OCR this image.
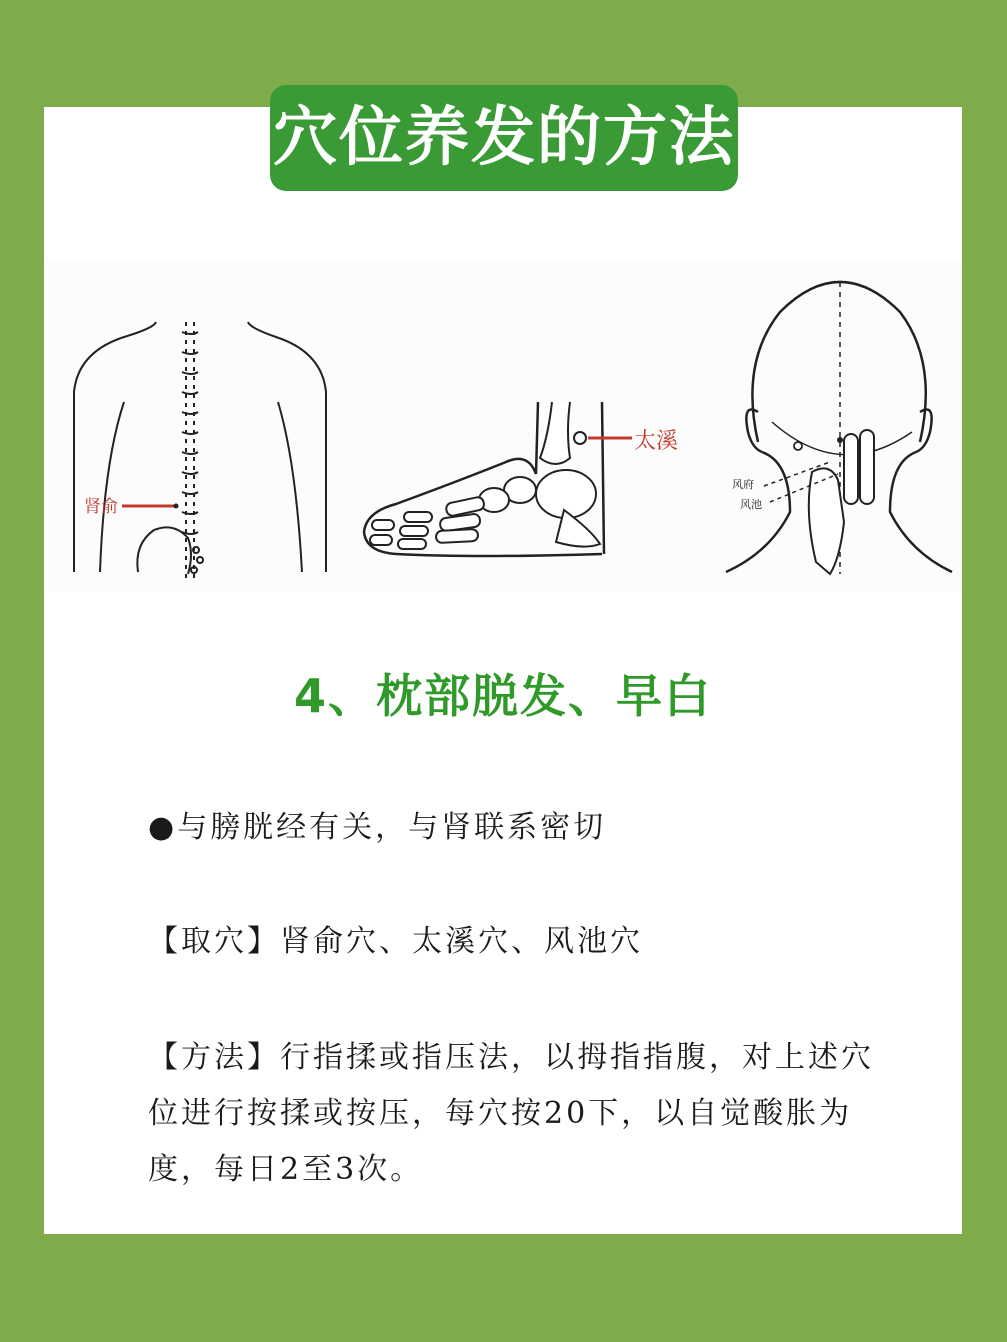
穴位养发的方法
肾俞
太溪
风府
风池
4、枕部脱发、早白
●与膀胱经有关，与肾联系密切
【取穴】肾俞穴、太溪穴、风池穴
【方法】行指揉或指压法，以拇指指腹，对上述穴位进行按揉或按压，每穴按20下，以自觉酸胀为度，每日2至3次。
